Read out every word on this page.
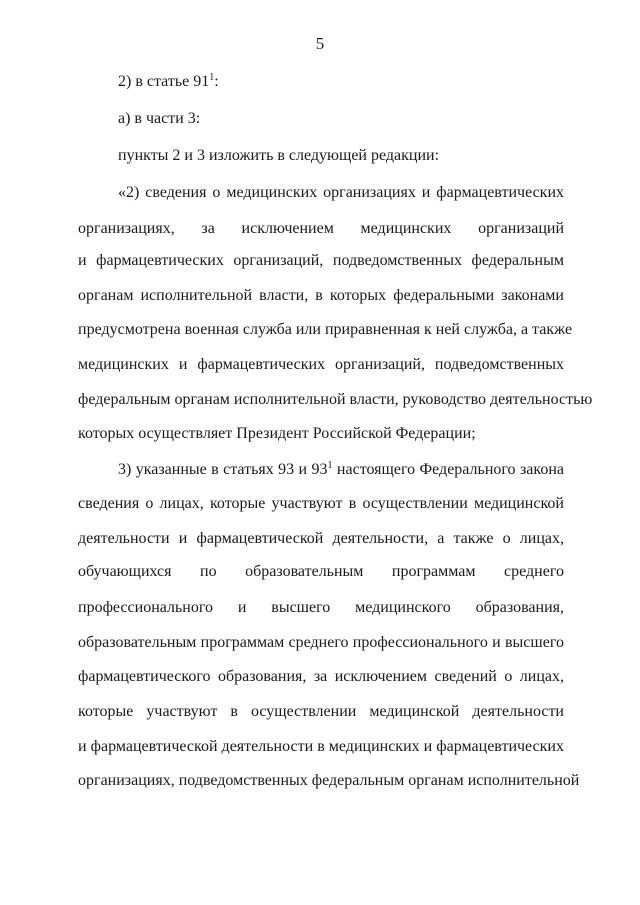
5
2) в статье $91^1$:
а) в части 3:
пункты 2 и 3 изложить в следующей редакции:
«2) сведения о медицинских организациях и фармацевтических
организациях, за исключением медицинских организаций
и фармацевтических организаций, подведомственных федеральным
органам исполнительной власти, в которых федеральными законами
предусмотрена военная служба или приравненная к ней служба, а также
медицинских и фармацевтических организаций, подведомственных
федеральным органам исполнительной власти, руководство деятельностью
которых осуществляет Президент Российской Федерации;
3) указанные в статьях 93 и $93^1$ настоящего Федерального закона
сведения о лицах, которые участвуют в осуществлении медицинской
деятельности и фармацевтической деятельности, а также о лицах,
обучающихся по образовательным программам среднего
профессионального и высшего медицинского образования,
образовательным программам среднего профессионального и высшего
фармацевтического образования, за исключением сведений о лицах,
которые участвуют в осуществлении медицинской деятельности
и фармацевтической деятельности в медицинских и фармацевтических
организациях, подведомственных федеральным органам исполнительной
